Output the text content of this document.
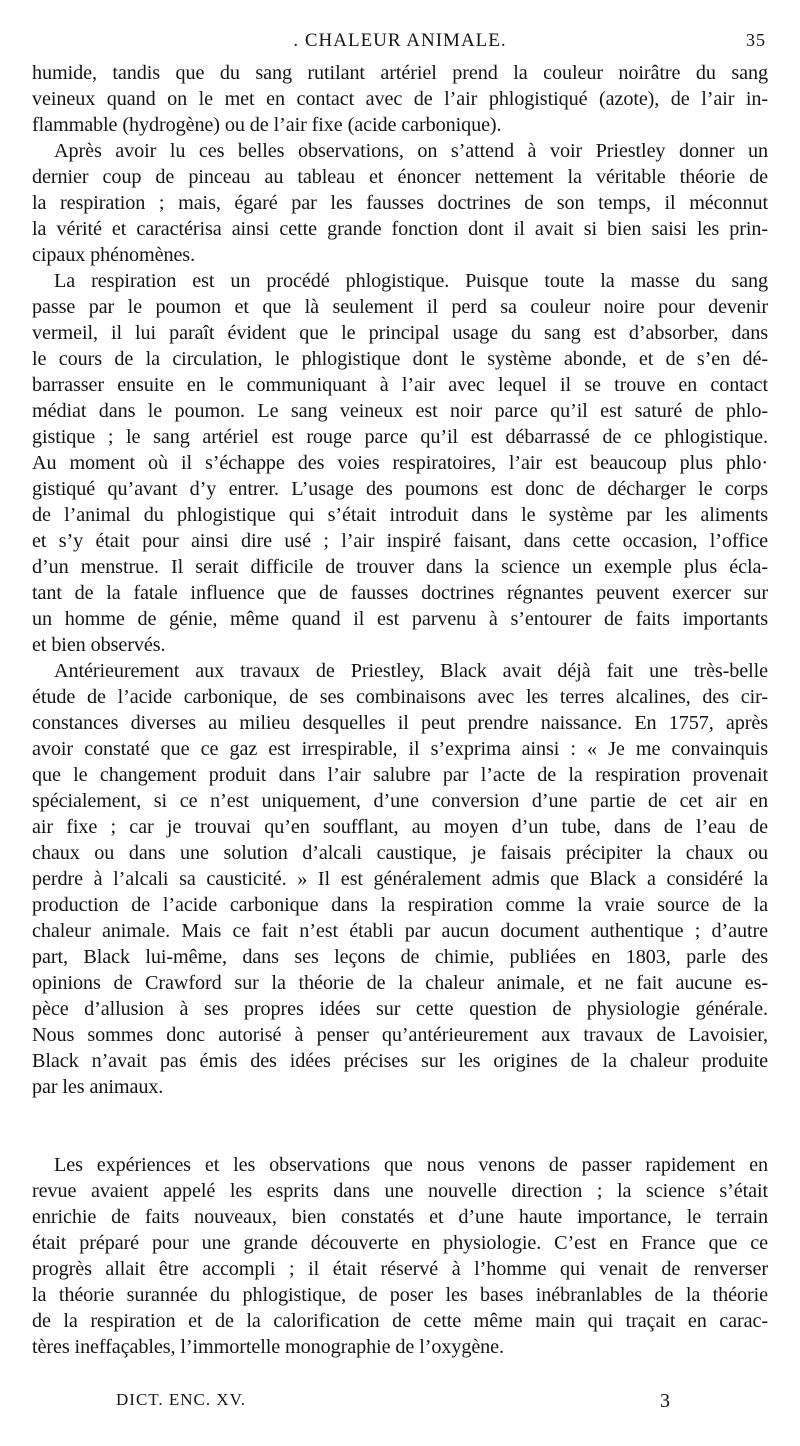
. CHALEUR ANIMALE.	35
humide, tandis que du sang rutilant artériel prend la couleur noirâtre du sang
veineux quand on le met en contact avec de l’air phlogistiqué (azote), de l’air in-
flammable (hydrogène) ou de l’air fixe (acide carbonique).
Après avoir lu ces belles observations, on s’attend à voir Priestley donner un
dernier coup de pinceau au tableau et énoncer nettement la véritable théorie de
la respiration ; mais, égaré par les fausses doctrines de son temps, il méconnut
la vérité et caractérisa ainsi cette grande fonction dont il avait si bien saisi les prin-
cipaux phénomènes.
La respiration est un procédé phlogistique. Puisque toute la masse du sang
passe par le poumon et que là seulement il perd sa couleur noire pour devenir
vermeil, il lui paraît évident que le principal usage du sang est d’absorber, dans
le cours de la circulation, le phlogistique dont le système abonde, et de s’en dé-
barrasser ensuite en le communiquant à l’air avec lequel il se trouve en contact
médiat dans le poumon. Le sang veineux est noir parce qu’il est saturé de phlo-
gistique ; le sang artériel est rouge parce qu’il est débarrassé de ce phlogistique.
Au moment où il s’échappe des voies respiratoires, l’air est beaucoup plus phlo·
gistiqué qu’avant d’y entrer. L’usage des poumons est donc de décharger le corps
de l’animal du phlogistique qui s’était introduit dans le système par les aliments
et s’y était pour ainsi dire usé ; l’air inspiré faisant, dans cette occasion, l’office
d’un menstrue. Il serait difficile de trouver dans la science un exemple plus écla-
tant de la fatale influence que de fausses doctrines régnantes peuvent exercer sur
un homme de génie, même quand il est parvenu à s’entourer de faits importants
et bien observés.
Antérieurement aux travaux de Priestley, Black avait déjà fait une très-belle
étude de l’acide carbonique, de ses combinaisons avec les terres alcalines, des cir-
constances diverses au milieu desquelles il peut prendre naissance. En 1757, après
avoir constaté que ce gaz est irrespirable, il s’exprima ainsi : « Je me convainquis
que le changement produit dans l’air salubre par l’acte de la respiration provenait
spécialement, si ce n’est uniquement, d’une conversion d’une partie de cet air en
air fixe ; car je trouvai qu’en soufflant, au moyen d’un tube, dans de l’eau de
chaux ou dans une solution d’alcali caustique, je faisais précipiter la chaux ou
perdre à l’alcali sa causticité. » Il est généralement admis que Black a considéré la
production de l’acide carbonique dans la respiration comme la vraie source de la
chaleur animale. Mais ce fait n’est établi par aucun document authentique ; d’autre
part, Black lui-même, dans ses leçons de chimie, publiées en 1803, parle des
opinions de Crawford sur la théorie de la chaleur animale, et ne fait aucune es-
pèce d’allusion à ses propres idées sur cette question de physiologie générale.
Nous sommes donc autorisé à penser qu’antérieurement aux travaux de Lavoisier,
Black n’avait pas émis des idées précises sur les origines de la chaleur produite
par les animaux.
Les expériences et les observations que nous venons de passer rapidement en
revue avaient appelé les esprits dans une nouvelle direction ; la science s’était
enrichie de faits nouveaux, bien constatés et d’une haute importance, le terrain
était préparé pour une grande découverte en physiologie. C’est en France que ce
progrès allait être accompli ; il était réservé à l’homme qui venait de renverser
la théorie surannée du phlogistique, de poser les bases inébranlables de la théorie
de la respiration et de la calorification de cette même main qui traçait en carac-
tères ineffaçables, l’immortelle monographie de l’oxygène.
DICT. ENC. XV.	3
